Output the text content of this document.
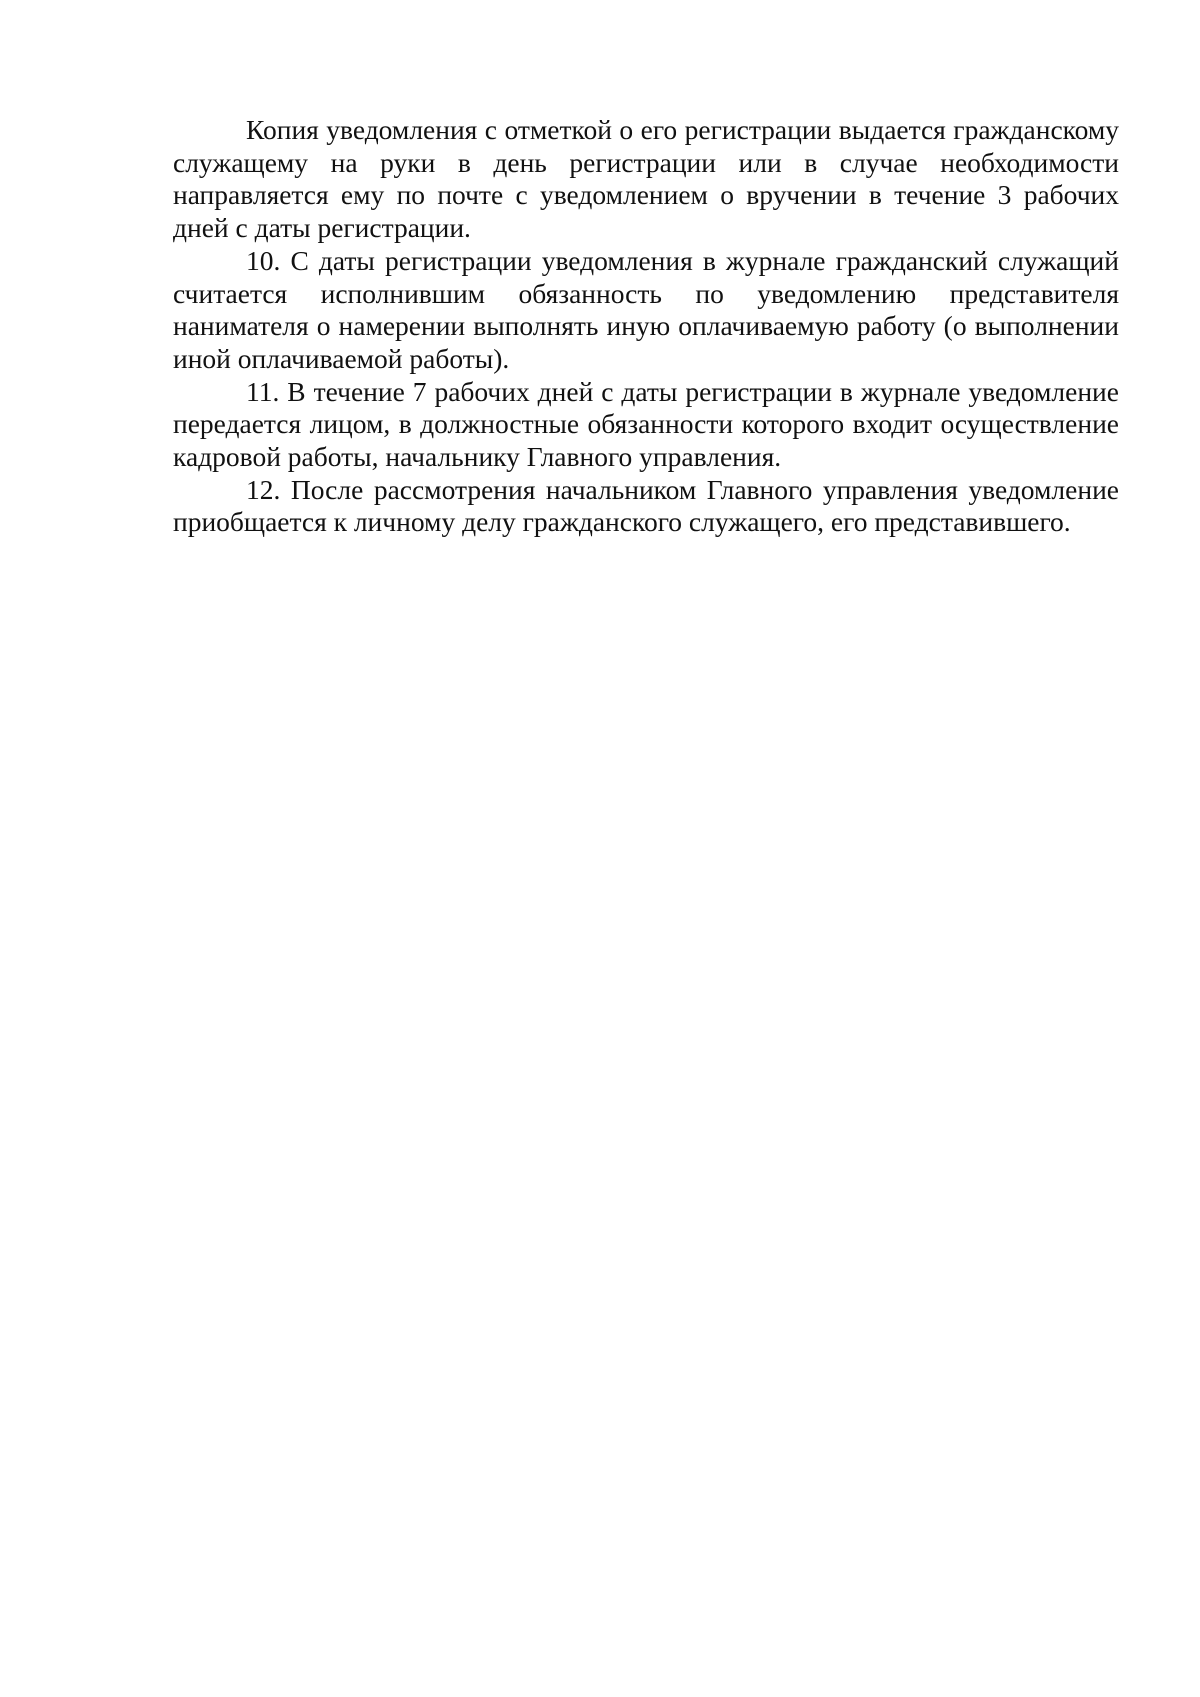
Копия уведомления с отметкой о его регистрации выдается гражданскому служащему на руки в день регистрации или в случае необходимости направляется ему по почте с уведомлением о вручении в течение 3 рабочих дней с даты регистрации.

10. С даты регистрации уведомления в журнале гражданский служащий считается исполнившим обязанность по уведомлению представителя нанимателя о намерении выполнять иную оплачиваемую работу (о выполнении иной оплачиваемой работы).

11. В течение 7 рабочих дней с даты регистрации в журнале уведомление передается лицом, в должностные обязанности которого входит осуществление кадровой работы, начальнику Главного управления.

12. После рассмотрения начальником Главного управления уведомление приобщается к личному делу гражданского служащего, его представившего.
